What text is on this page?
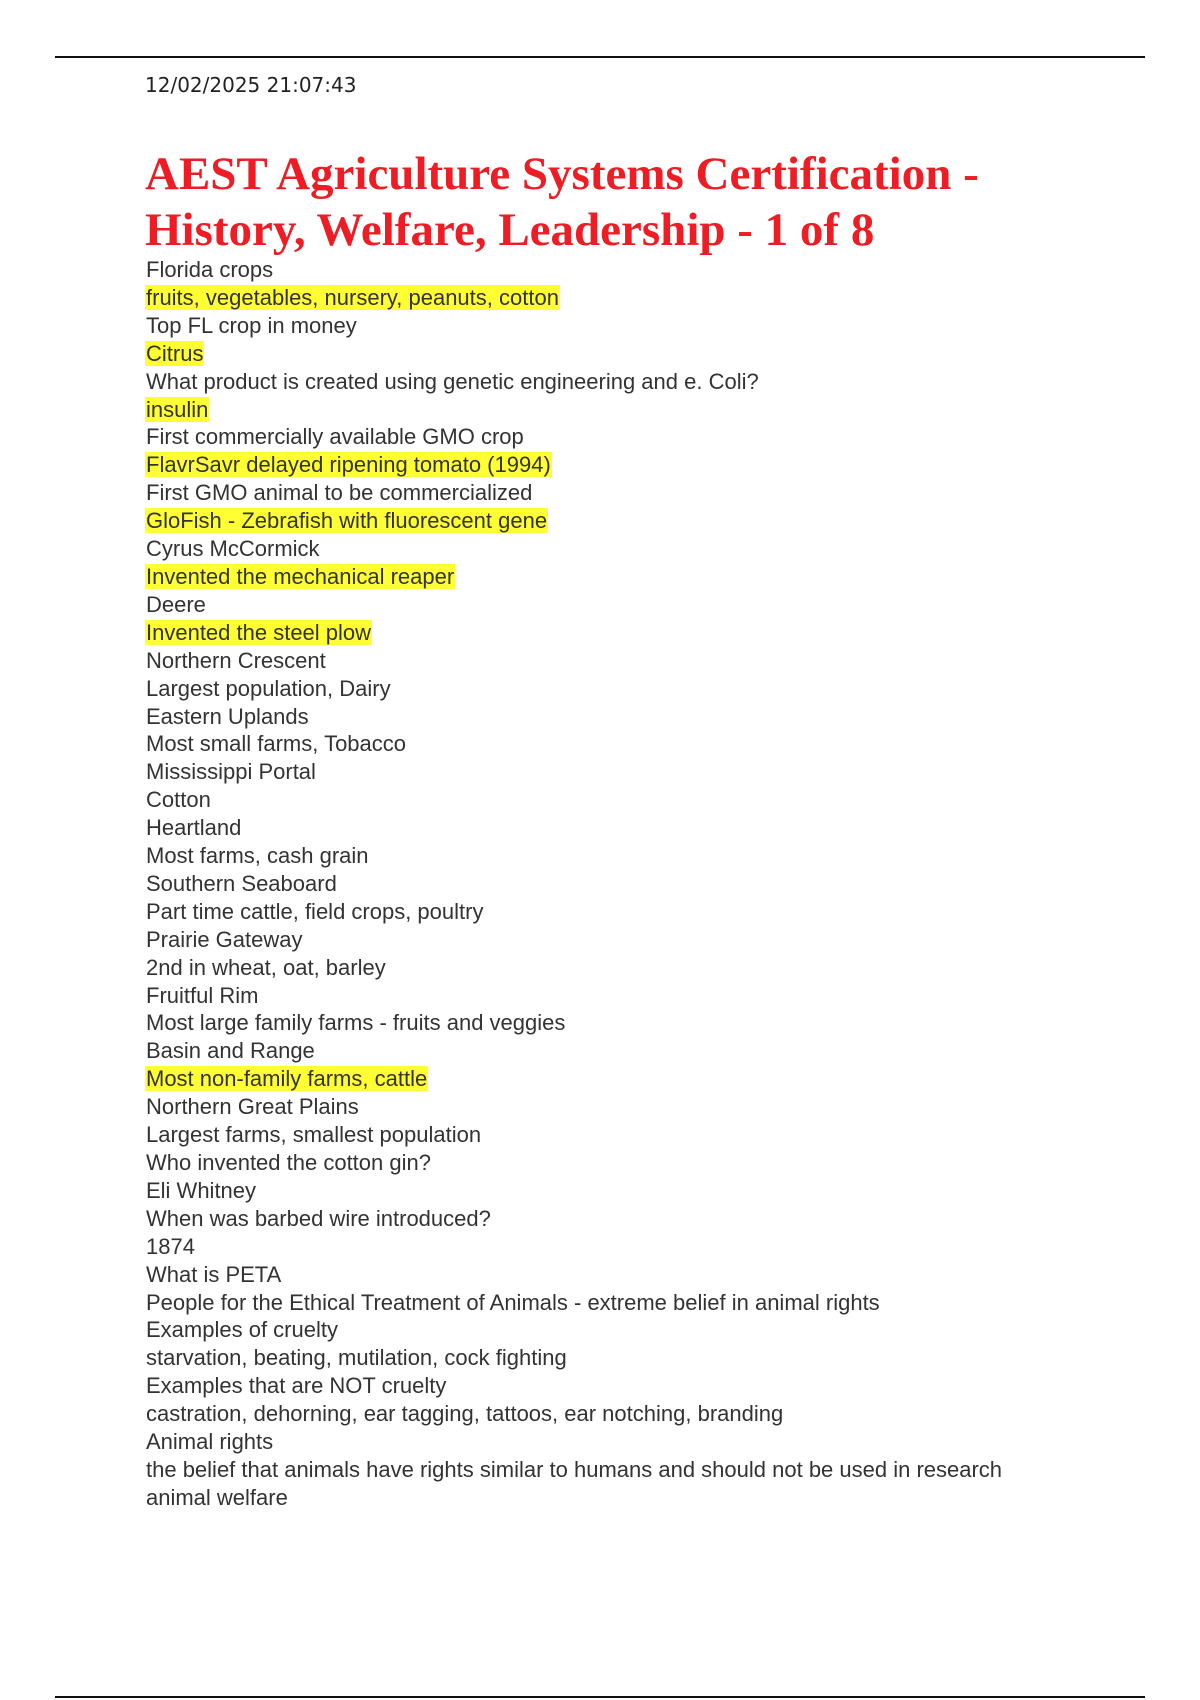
12/02/2025 21:07:43
AEST Agriculture Systems Certification - History, Welfare, Leadership - 1 of 8
Florida crops
fruits, vegetables, nursery, peanuts, cotton
Top FL crop in money
Citrus
What product is created using genetic engineering and e. Coli?
insulin
First commercially available GMO crop
FlavrSavr delayed ripening tomato (1994)
First GMO animal to be commercialized
GloFish - Zebrafish with fluorescent gene
Cyrus McCormick
Invented the mechanical reaper
Deere
Invented the steel plow
Northern Crescent
Largest population, Dairy
Eastern Uplands
Most small farms, Tobacco
Mississippi Portal
Cotton
Heartland
Most farms, cash grain
Southern Seaboard
Part time cattle, field crops, poultry
Prairie Gateway
2nd in wheat, oat, barley
Fruitful Rim
Most large family farms - fruits and veggies
Basin and Range
Most non-family farms, cattle
Northern Great Plains
Largest farms, smallest population
Who invented the cotton gin?
Eli Whitney
When was barbed wire introduced?
1874
What is PETA
People for the Ethical Treatment of Animals - extreme belief in animal rights
Examples of cruelty
starvation, beating, mutilation, cock fighting
Examples that are NOT cruelty
castration, dehorning, ear tagging, tattoos, ear notching, branding
Animal rights
the belief that animals have rights similar to humans and should not be used in research
animal welfare
